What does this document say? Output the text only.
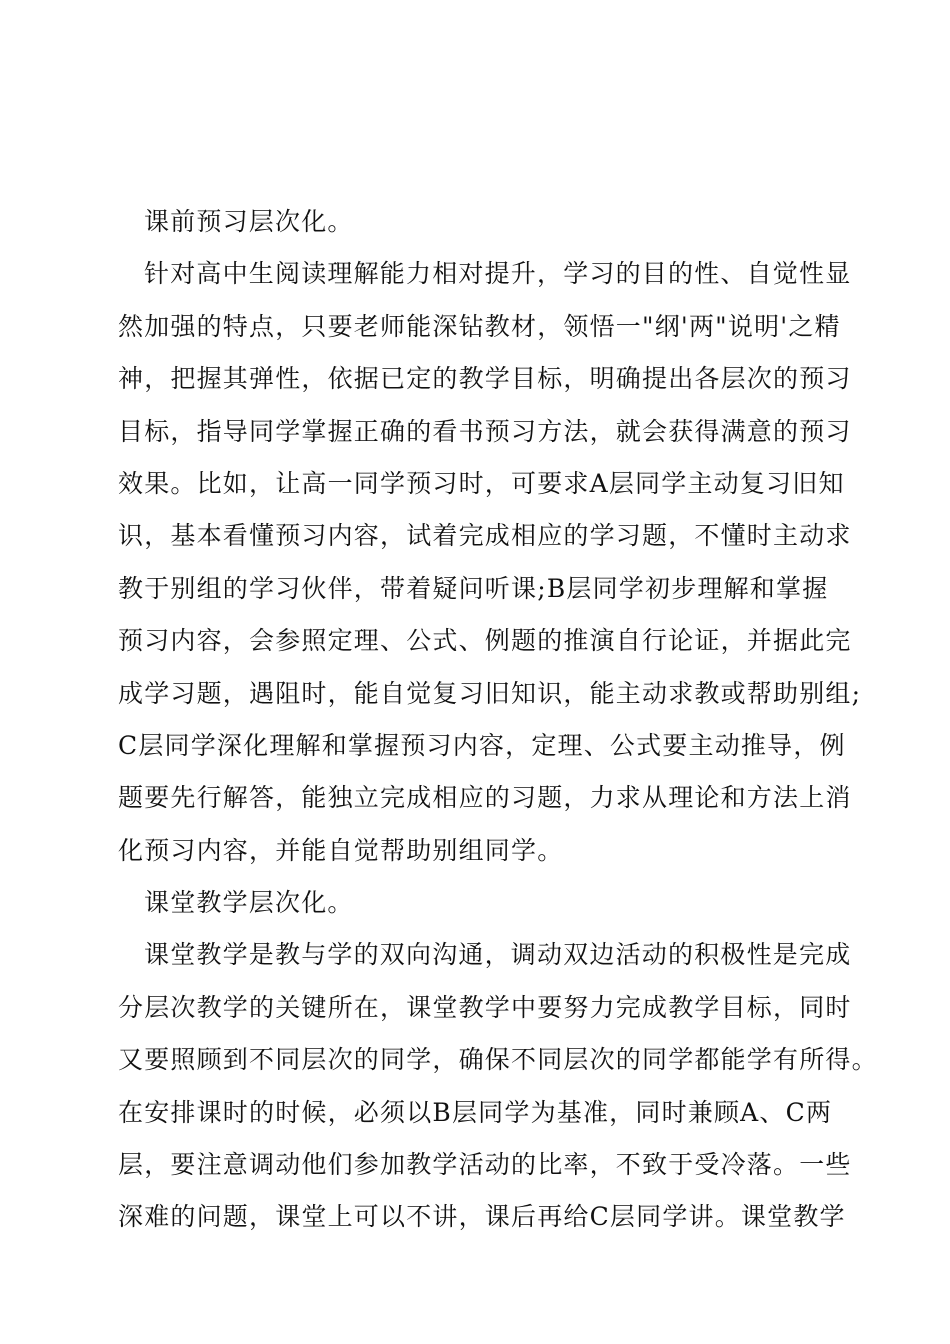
课前预习层次化。
针对高中生阅读理解能力相对提升，学习的目的性、自觉性显
然加强的特点，只要老师能深钻教材，领悟一"纲'两"说明'之精
神，把握其弹性，依据已定的教学目标，明确提出各层次的预习
目标，指导同学掌握正确的看书预习方法，就会获得满意的预习
效果。比如，让高一同学预习时，可要求A层同学主动复习旧知
识，基本看懂预习内容，试着完成相应的学习题，不懂时主动求
教于别组的学习伙伴，带着疑问听课;B层同学初步理解和掌握
预习内容，会参照定理、公式、例题的推演自行论证，并据此完
成学习题，遇阻时，能自觉复习旧知识，能主动求教或帮助别组;
C层同学深化理解和掌握预习内容，定理、公式要主动推导，例
题要先行解答，能独立完成相应的习题，力求从理论和方法上消
化预习内容，并能自觉帮助别组同学。
课堂教学层次化。
课堂教学是教与学的双向沟通，调动双边活动的积极性是完成
分层次教学的关键所在，课堂教学中要努力完成教学目标，同时
又要照顾到不同层次的同学，确保不同层次的同学都能学有所得。
在安排课时的时候，必须以B层同学为基准，同时兼顾A、C两
层，要注意调动他们参加教学活动的比率，不致于受冷落。一些
深难的问题，课堂上可以不讲，课后再给C层同学讲。课堂教学
